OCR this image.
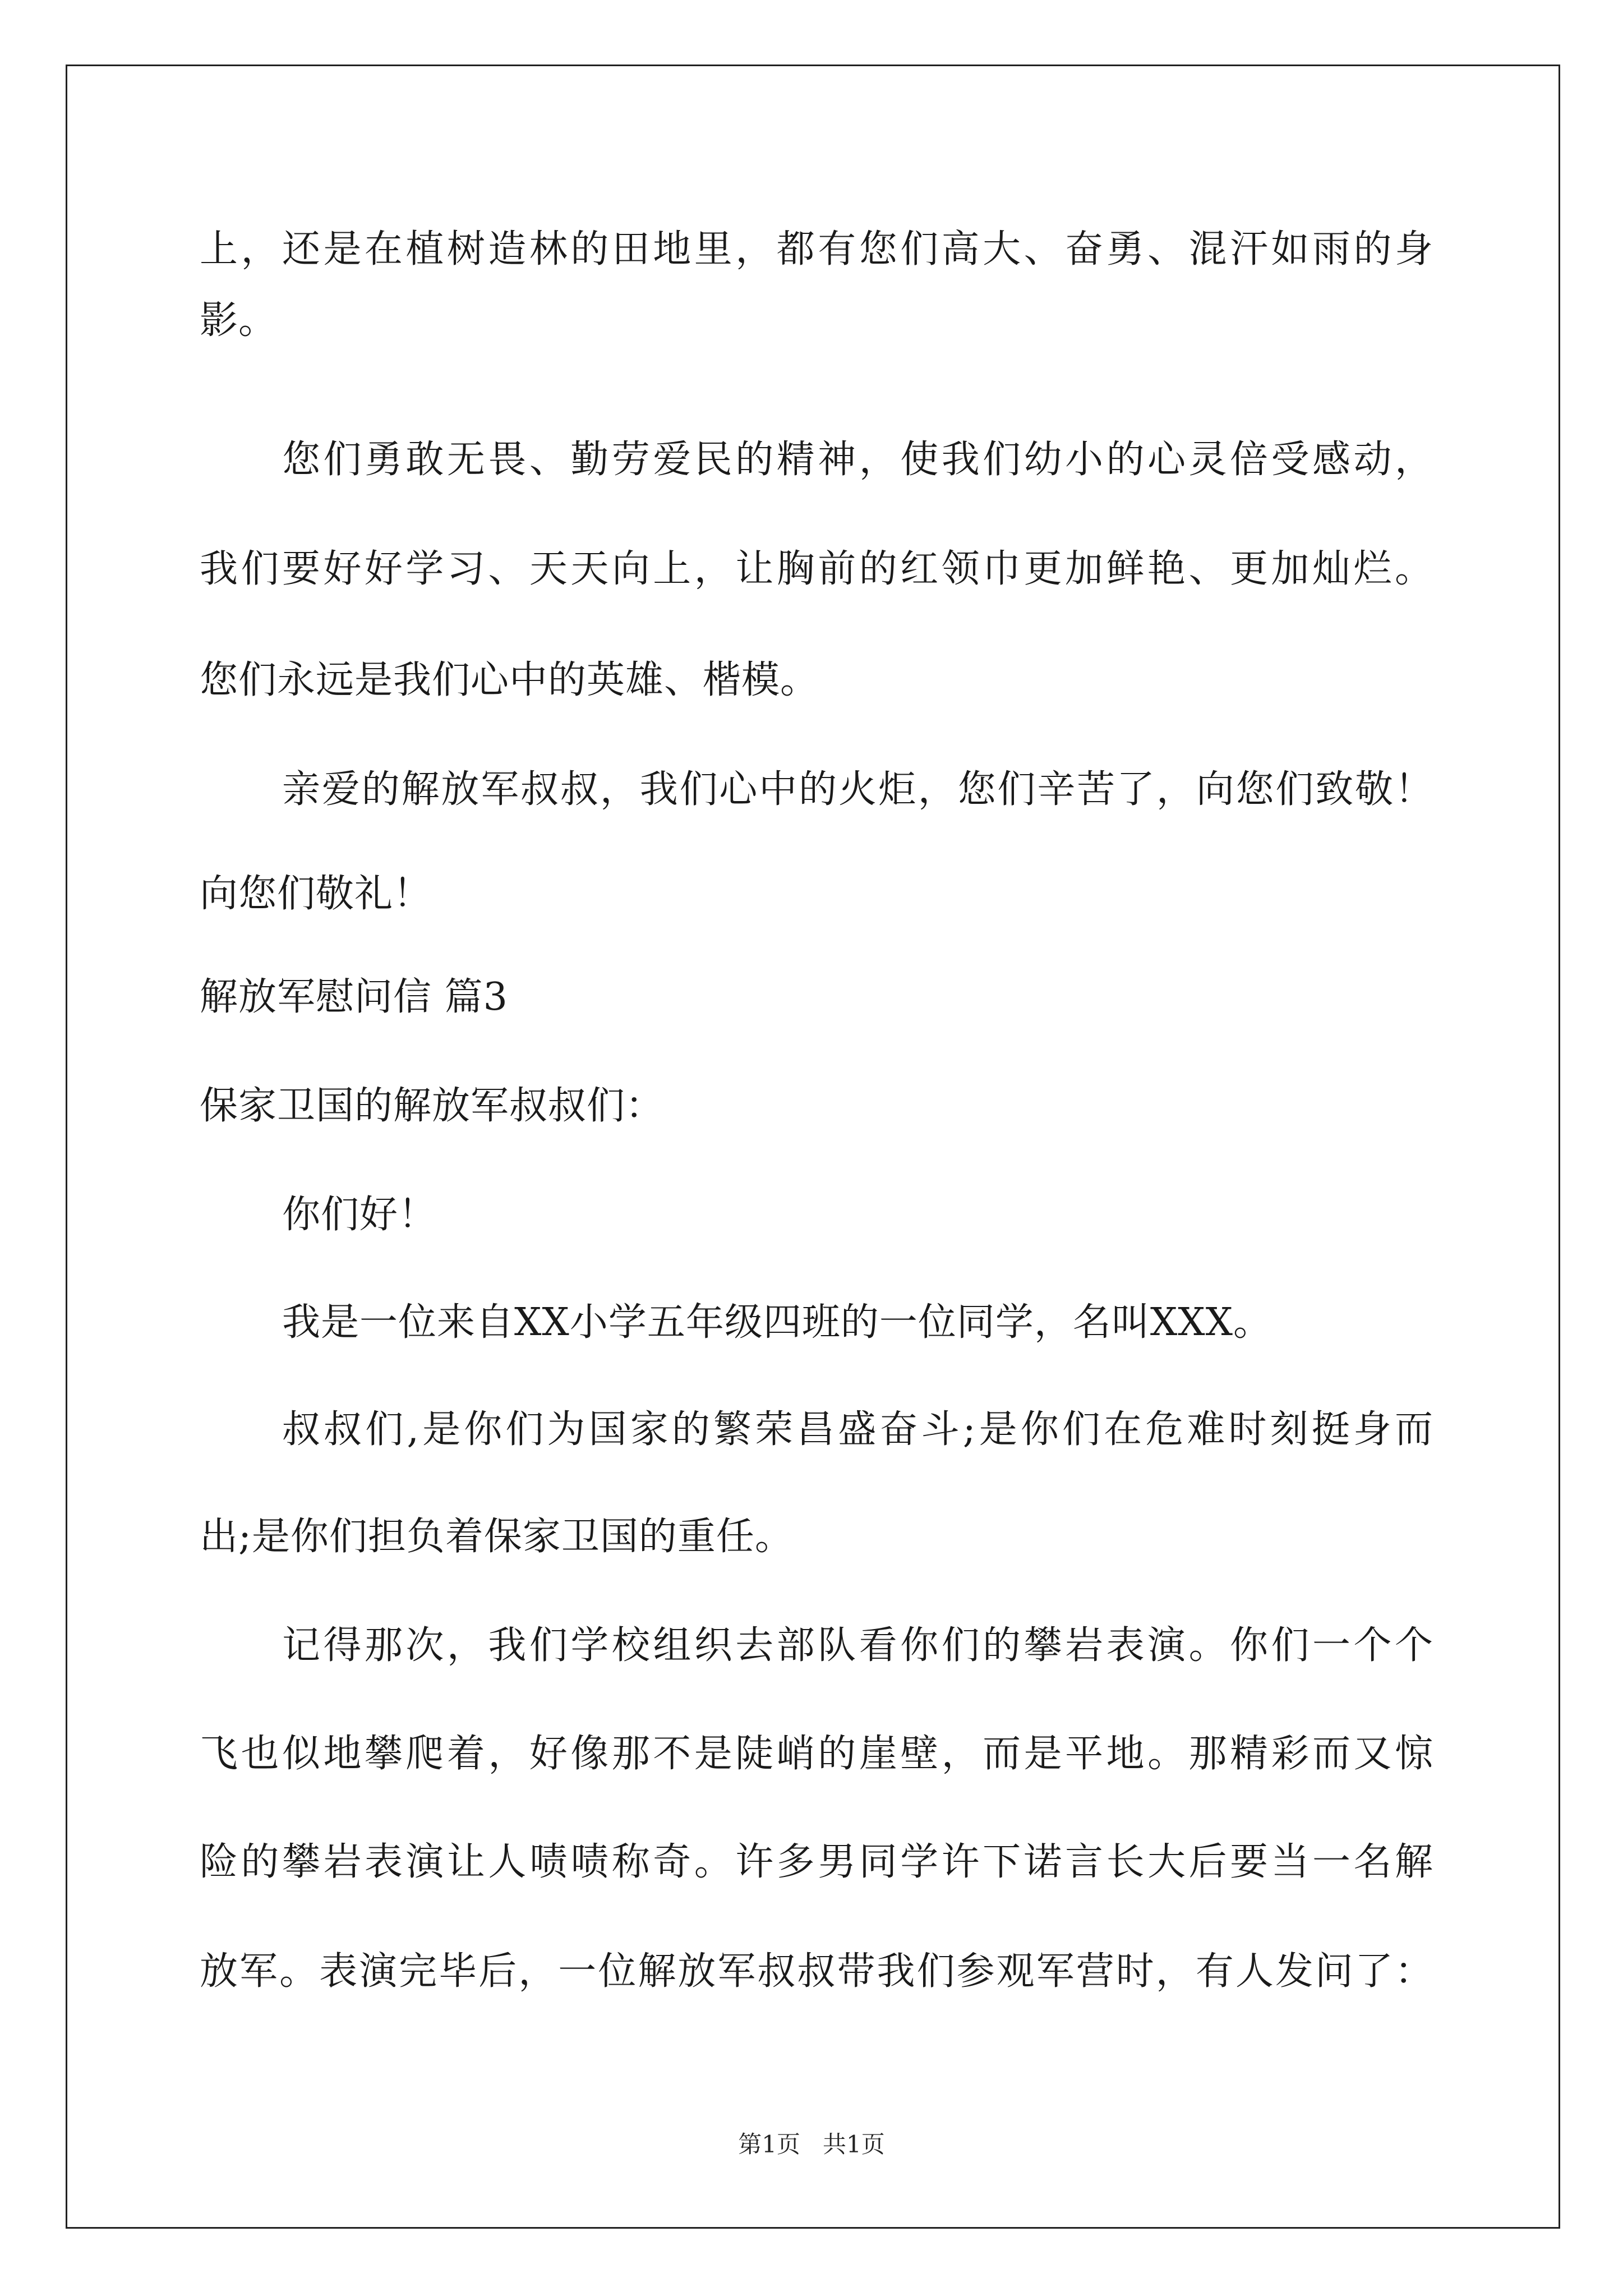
上，还是在植树造林的田地里，都有您们高大、奋勇、混汗如雨的身
影。
您们勇敢无畏、勤劳爱民的精神，使我们幼小的心灵倍受感动，
我们要好好学习、天天向上，让胸前的红领巾更加鲜艳、更加灿烂。
您们永远是我们心中的英雄、楷模。
亲爱的解放军叔叔，我们心中的火炬，您们辛苦了，向您们致敬！
向您们敬礼！
解放军慰问信 篇3
保家卫国的解放军叔叔们：
你们好！
我是一位来自XX小学五年级四班的一位同学，名叫XXX。
叔叔们,是你们为国家的繁荣昌盛奋斗;是你们在危难时刻挺身而
出;是你们担负着保家卫国的重任。
记得那次，我们学校组织去部队看你们的攀岩表演。你们一个个
飞也似地攀爬着，好像那不是陡峭的崖壁，而是平地。那精彩而又惊
险的攀岩表演让人啧啧称奇。许多男同学许下诺言长大后要当一名解
放军。表演完毕后，一位解放军叔叔带我们参观军营时，有人发问了：
第1页   共1页
